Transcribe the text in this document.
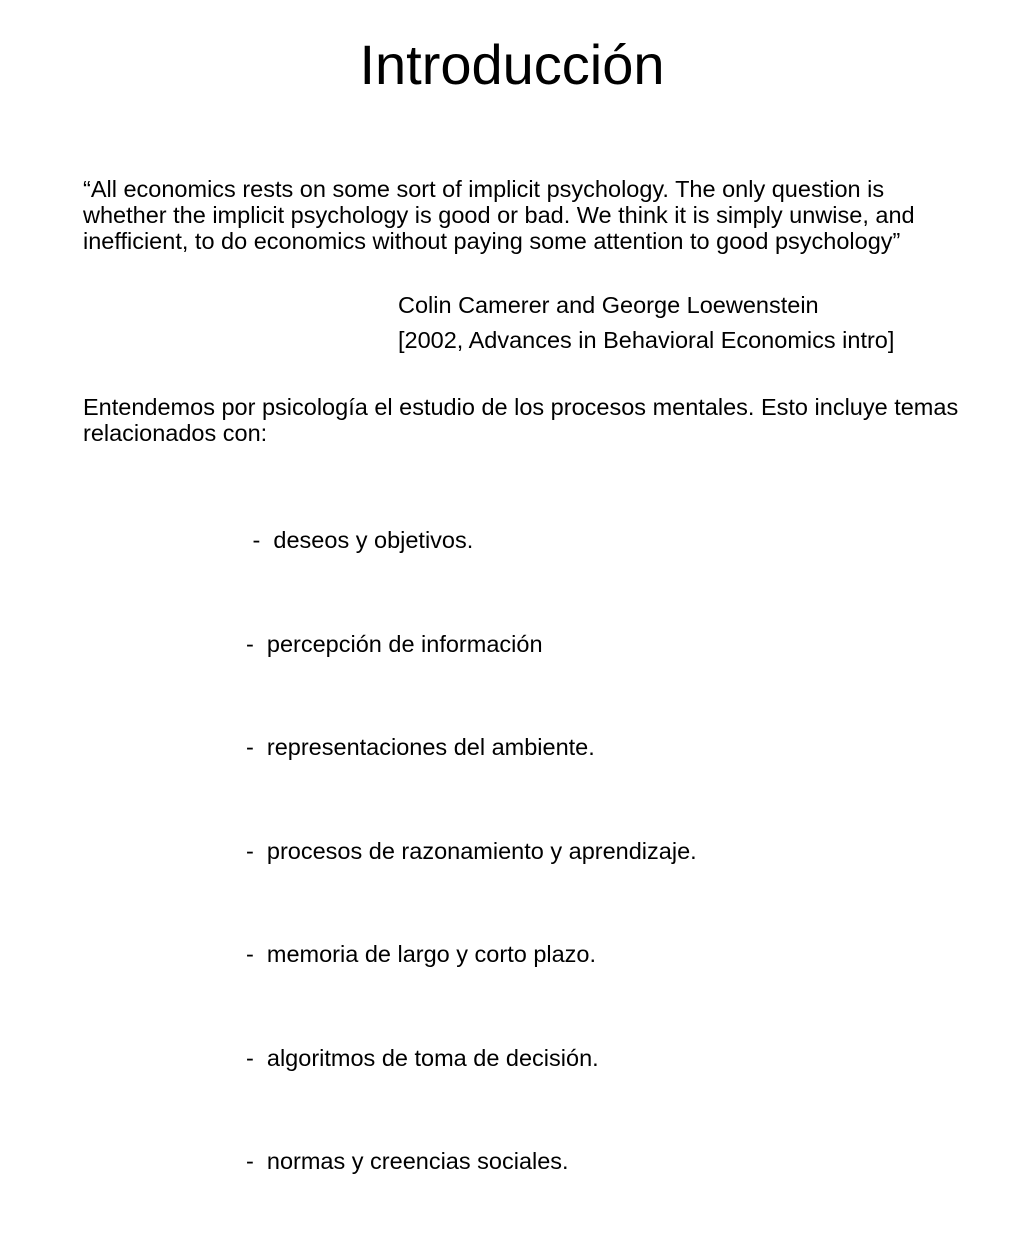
Introducción
“All economics rests on some sort of implicit psychology. The only question is whether the implicit psychology is good or bad. We think it is simply unwise, and inefficient, to do economics without paying some attention to good psychology”
Colin Camerer and George Loewenstein
[2002, Advances in Behavioral Economics intro]
Entendemos por psicología el estudio de los procesos mentales. Esto incluye temas relacionados con:

-  deseos y objetivos.

-  percepción de información

-  representaciones del ambiente.

-  procesos de razonamiento y aprendizaje.

-  memoria de largo y corto plazo.

-  algoritmos de toma de decisión.

-  normas y creencias sociales.
